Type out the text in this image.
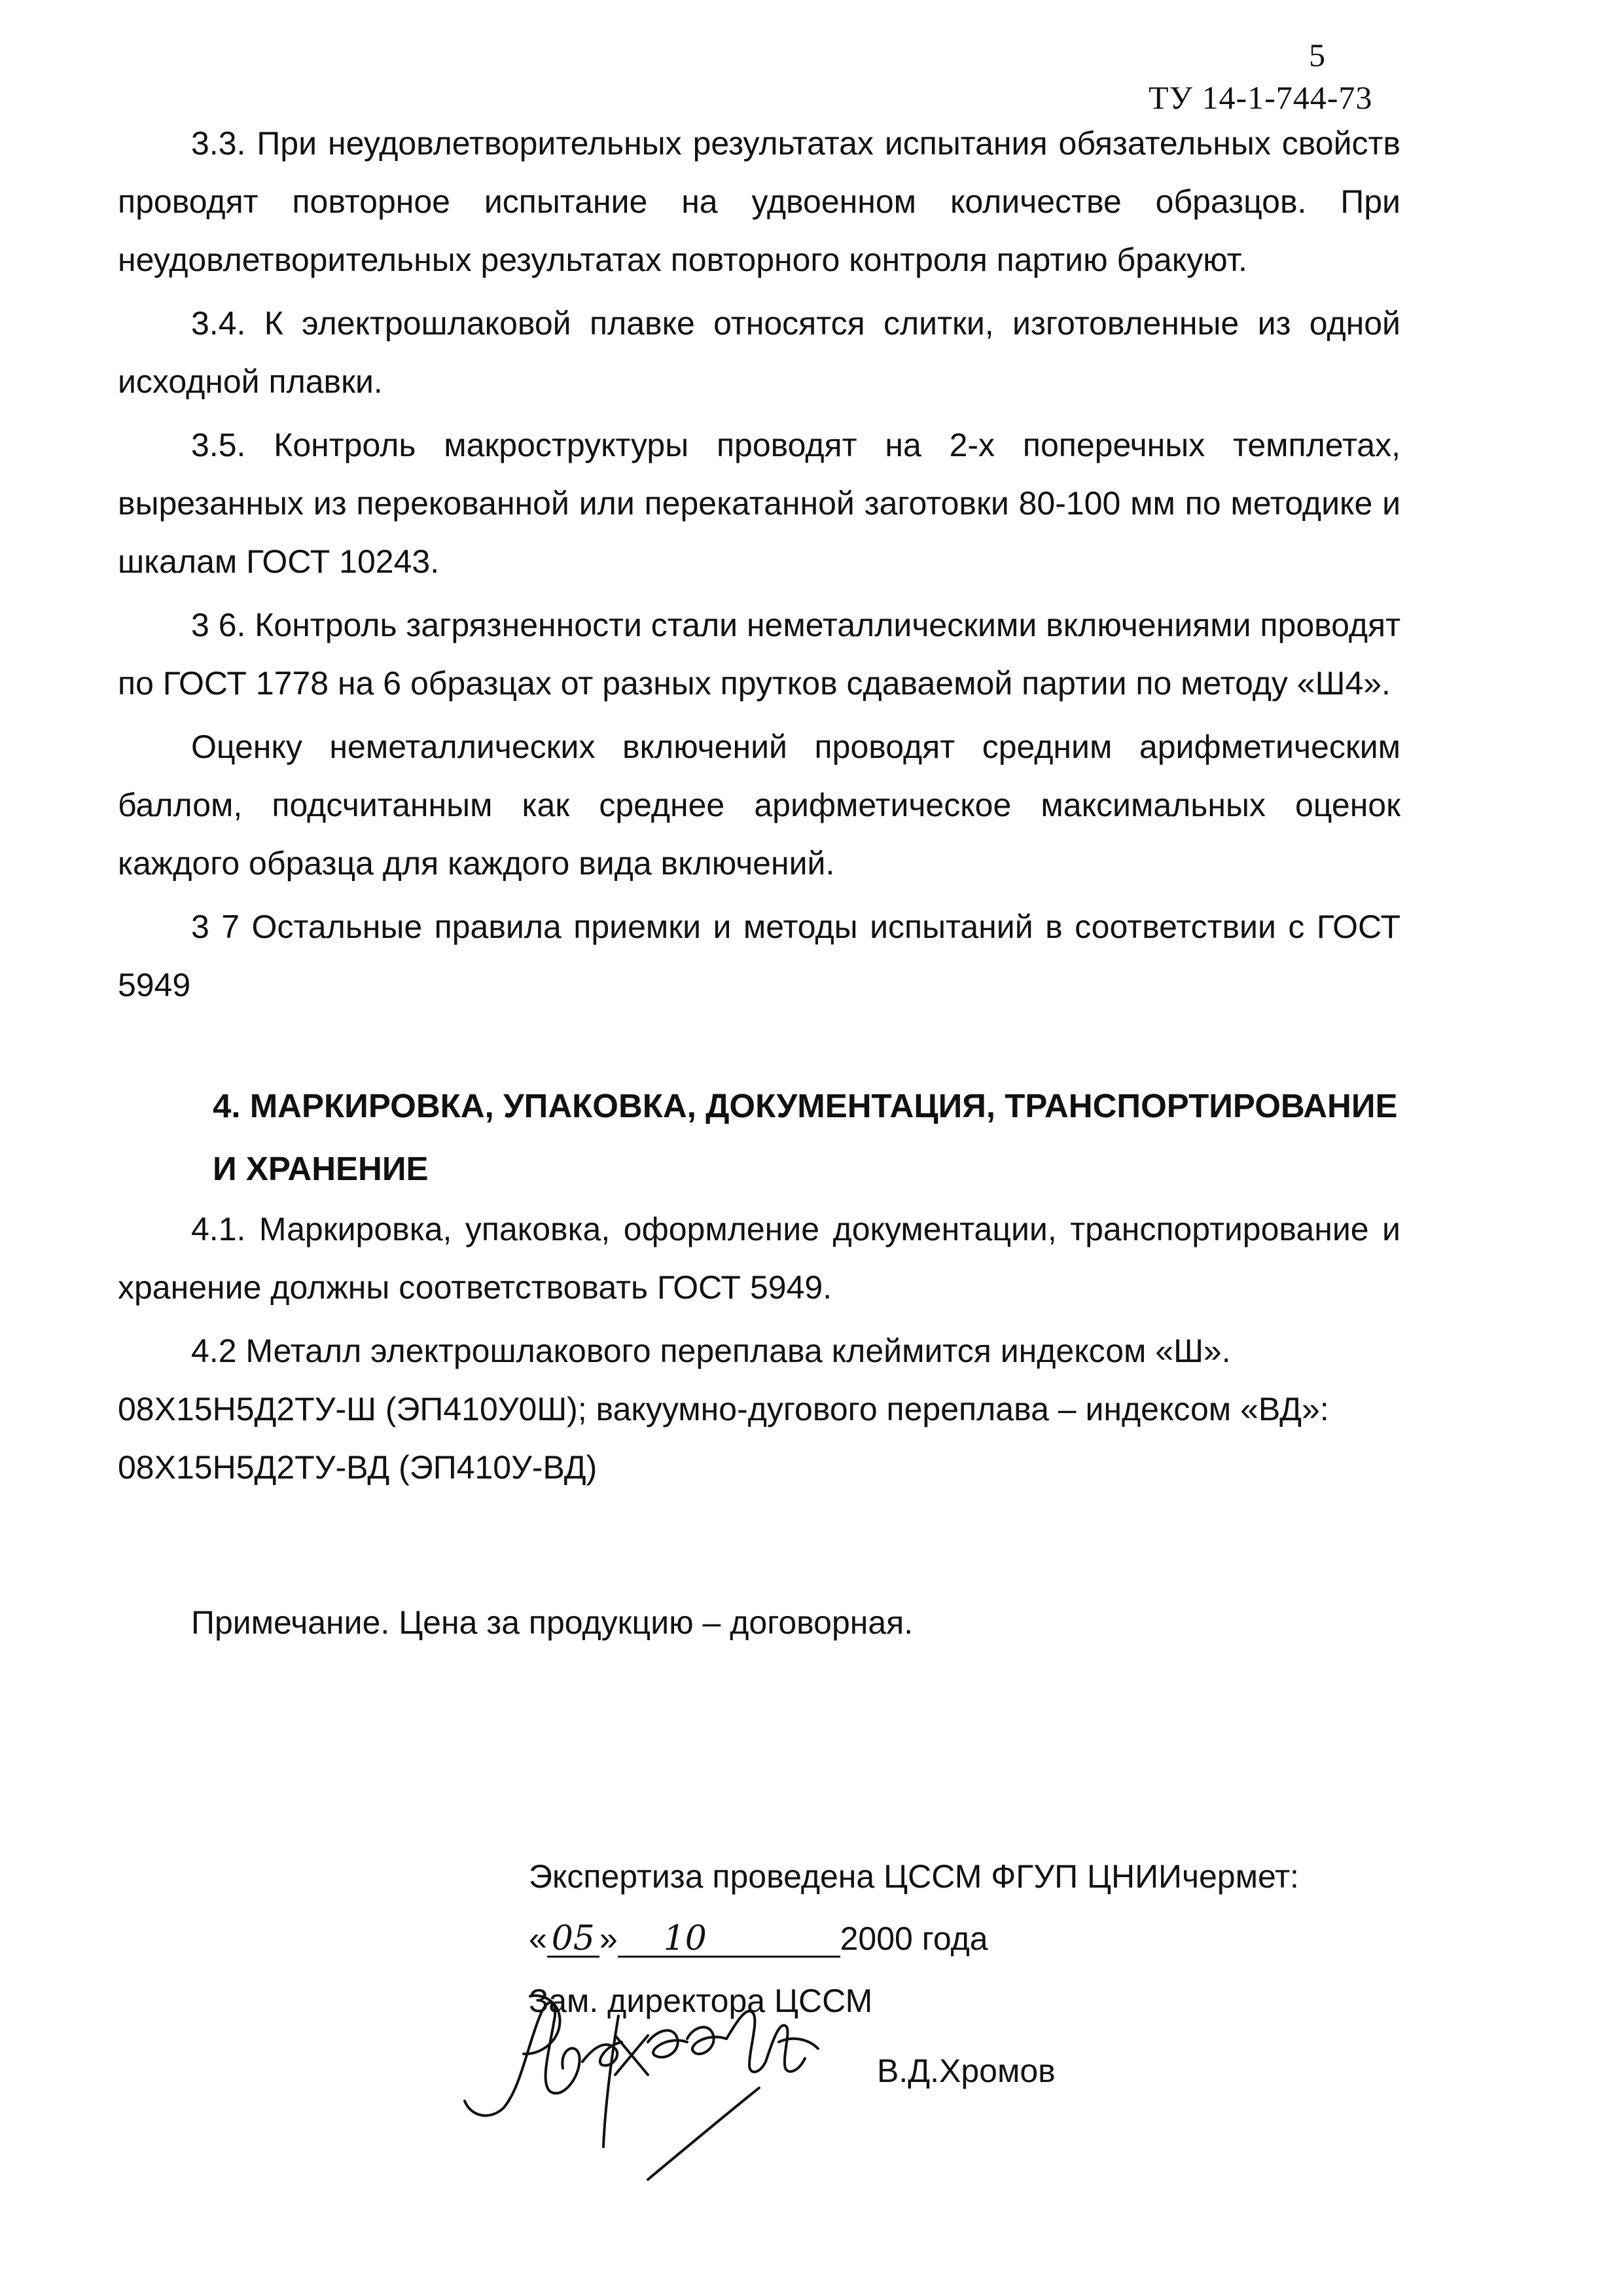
5
ТУ 14-1-744-73

3.3. При неудовлетворительных результатах испытания обязательных свойств проводят повторное испытание на удвоенном количестве образцов. При неудовлетворительных результатах повторного контроля партию бракуют.

3.4. К электрошлаковой плавке относятся слитки, изготовленные из одной исходной плавки.

3.5. Контроль макроструктуры проводят на 2-х поперечных темплетах, вырезанных из перекованной или перекатанной заготовки 80-100 мм по методике и шкалам ГОСТ 10243.

3 6. Контроль загрязненности стали неметаллическими включениями проводят по ГОСТ 1778 на 6 образцах от разных прутков сдаваемой партии по методу «Ш4».

Оценку неметаллических включений проводят средним арифметическим баллом, подсчитанным как среднее арифметическое максимальных оценок каждого образца для каждого вида включений.

3 7 Остальные правила приемки и методы испытаний в соответствии с ГОСТ 5949

4. МАРКИРОВКА, УПАКОВКА, ДОКУМЕНТАЦИЯ, ТРАНСПОРТИРОВАНИЕ
И ХРАНЕНИЕ

4.1. Маркировка, упаковка, оформление документации, транспортирование и хранение должны соответствовать ГОСТ 5949.

4.2 Металл электрошлакового переплава клеймится индексом «Ш».

08Х15Н5Д2ТУ-Ш (ЭП410У0Ш); вакуумно-дугового переплава – индексом «ВД»:

08Х15Н5Д2ТУ-ВД (ЭП410У-ВД)

Примечание. Цена за продукцию – договорная.
Экспертиза проведена ЦССМ ФГУП ЦНИИчермет:
« 05 » 10	2000 года
Зам. директора ЦССМ
В.Д.Хромов
